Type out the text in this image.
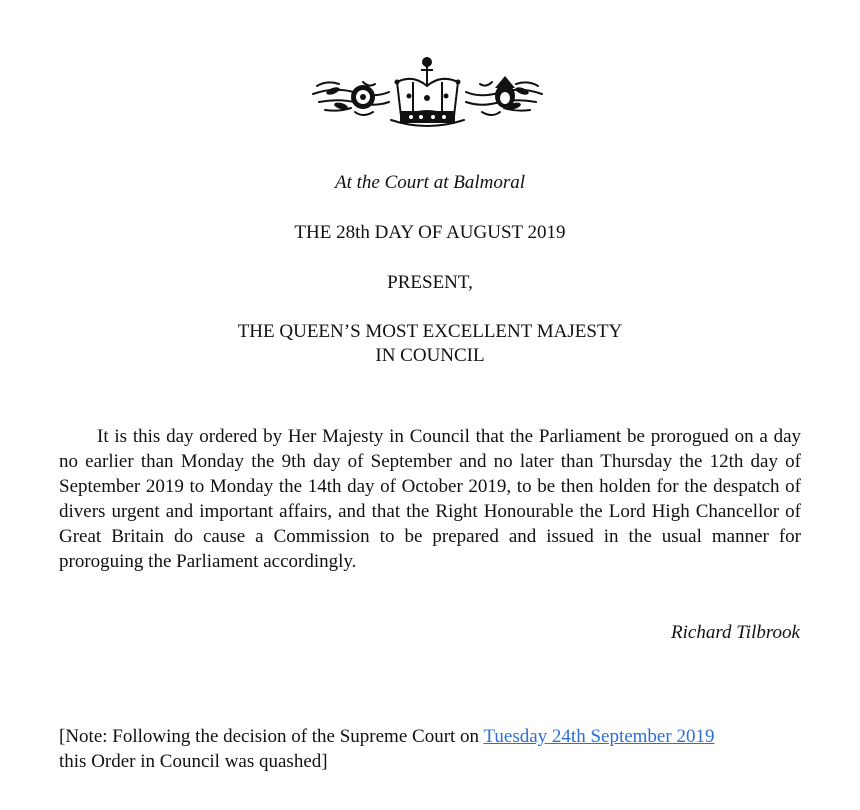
At the Court at Balmoral
THE 28th DAY OF AUGUST 2019
PRESENT,
THE QUEEN’S MOST EXCELLENT MAJESTY
IN COUNCIL

It is this day ordered by Her Majesty in Council that the Parliament be prorogued on a day no earlier than Monday the 9th day of September and no later than Thursday the 12th day of September 2019 to Monday the 14th day of October 2019, to be then holden for the despatch of divers urgent and important affairs, and that the Right Honourable the Lord High Chancellor of Great Britain do cause a Commission to be prepared and issued in the usual manner for proroguing the Parliament accordingly.

Richard Tilbrook
[Note: Following the decision of the Supreme Court on Tuesday 24th September 2019
this Order in Council was quashed]
